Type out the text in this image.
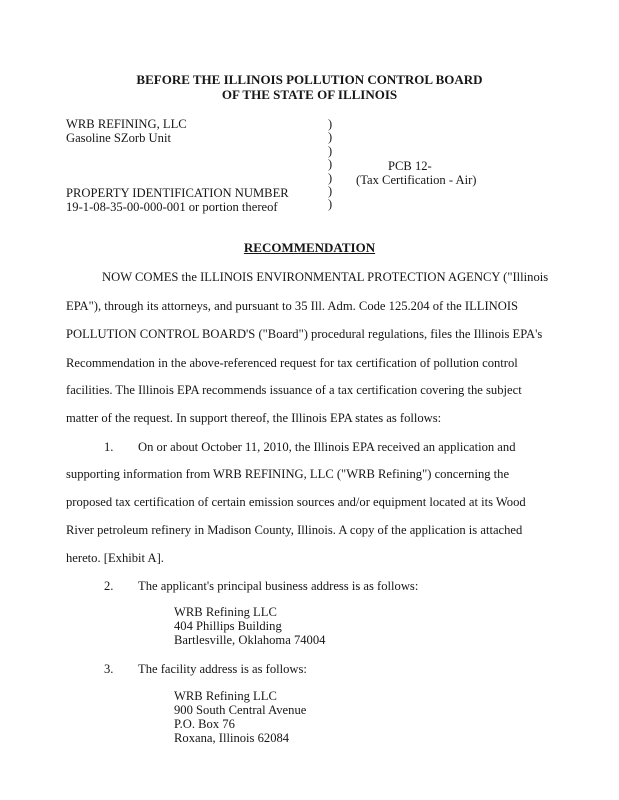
BEFORE THE ILLINOIS POLLUTION CONTROL BOARD
OF THE STATE OF ILLINOIS
WRB REFINING, LLC
Gasoline SZorb Unit
PROPERTY IDENTIFICATION NUMBER
19-1-08-35-00-000-001 or portion thereof
)
)
)
)
)
)
)
PCB 12-
(Tax Certification - Air)
RECOMMENDATION
NOW COMES the ILLINOIS ENVIRONMENTAL PROTECTION AGENCY ("Illinois
EPA"), through its attorneys, and pursuant to 35 Ill. Adm. Code 125.204 of the ILLINOIS
POLLUTION CONTROL BOARD'S ("Board") procedural regulations, files the Illinois EPA's
Recommendation in the above-referenced request for tax certification of pollution control
facilities. The Illinois EPA recommends issuance of a tax certification covering the subject
matter of the request. In support thereof, the Illinois EPA states as follows:
1. On or about October 11, 2010, the Illinois EPA received an application and
supporting information from WRB REFINING, LLC ("WRB Refining") concerning the
proposed tax certification of certain emission sources and/or equipment located at its Wood
River petroleum refinery in Madison County, Illinois. A copy of the application is attached
hereto. [Exhibit A].
2. The applicant's principal business address is as follows:
WRB Refining LLC
404 Phillips Building
Bartlesville, Oklahoma 74004
3. The facility address is as follows:
WRB Refining LLC
900 South Central Avenue
P.O. Box 76
Roxana, Illinois 62084
